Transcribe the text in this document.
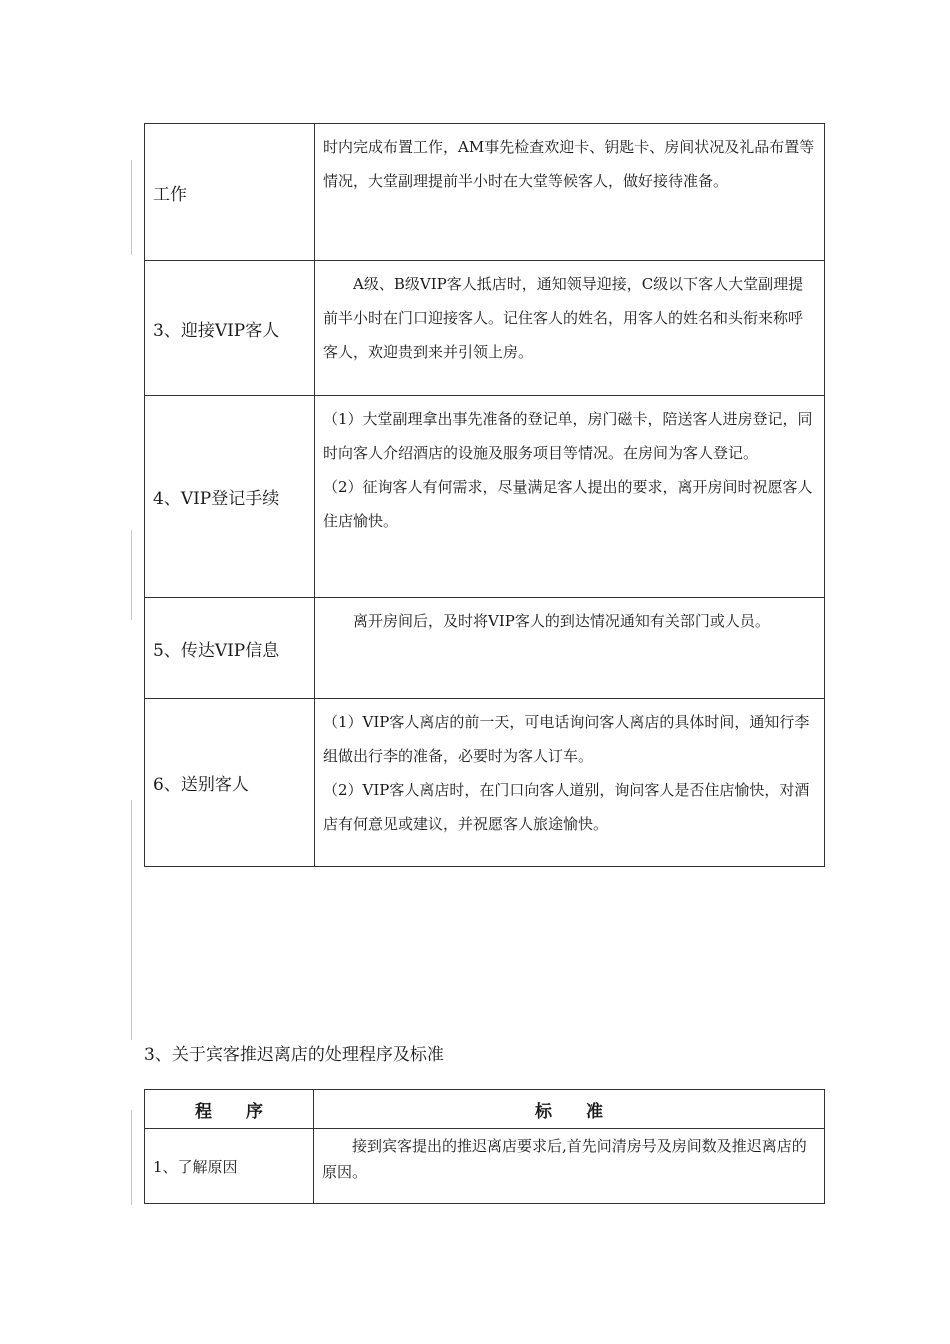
工作	时内完成布置工作，AM事先检查欢迎卡、钥匙卡、房间状况及礼品布置等情况，大堂副理提前半小时在大堂等候客人，做好接待准备。

3、迎接VIP客人	A级、B级VIP客人抵店时，通知领导迎接，C级以下客人大堂副理提前半小时在门口迎接客人。记住客人的姓名，用客人的姓名和头衔来称呼客人，欢迎贵到来并引领上房。

4、VIP登记手续	（1）大堂副理拿出事先准备的登记单，房门磁卡，陪送客人进房登记，同时向客人介绍酒店的设施及服务项目等情况。在房间为客人登记。

（2）征询客人有何需求，尽量满足客人提出的要求，离开房间时祝愿客人住店愉快。

5、传达VIP信息	离开房间后，及时将VIP客人的到达情况通知有关部门或人员。

6、送别客人	（1）VIP客人离店的前一天，可电话询问客人离店的具体时间，通知行李组做出行李的准备，必要时为客人订车。

（2）VIP客人离店时，在门口向客人道别，询问客人是否住店愉快，对酒店有何意见或建议，并祝愿客人旅途愉快。

3、关于宾客推迟离店的处理程序及标准
程　　序	标　　准
1、了解原因	接到宾客提出的推迟离店要求后,首先问清房号及房间数及推迟离店的原因。
